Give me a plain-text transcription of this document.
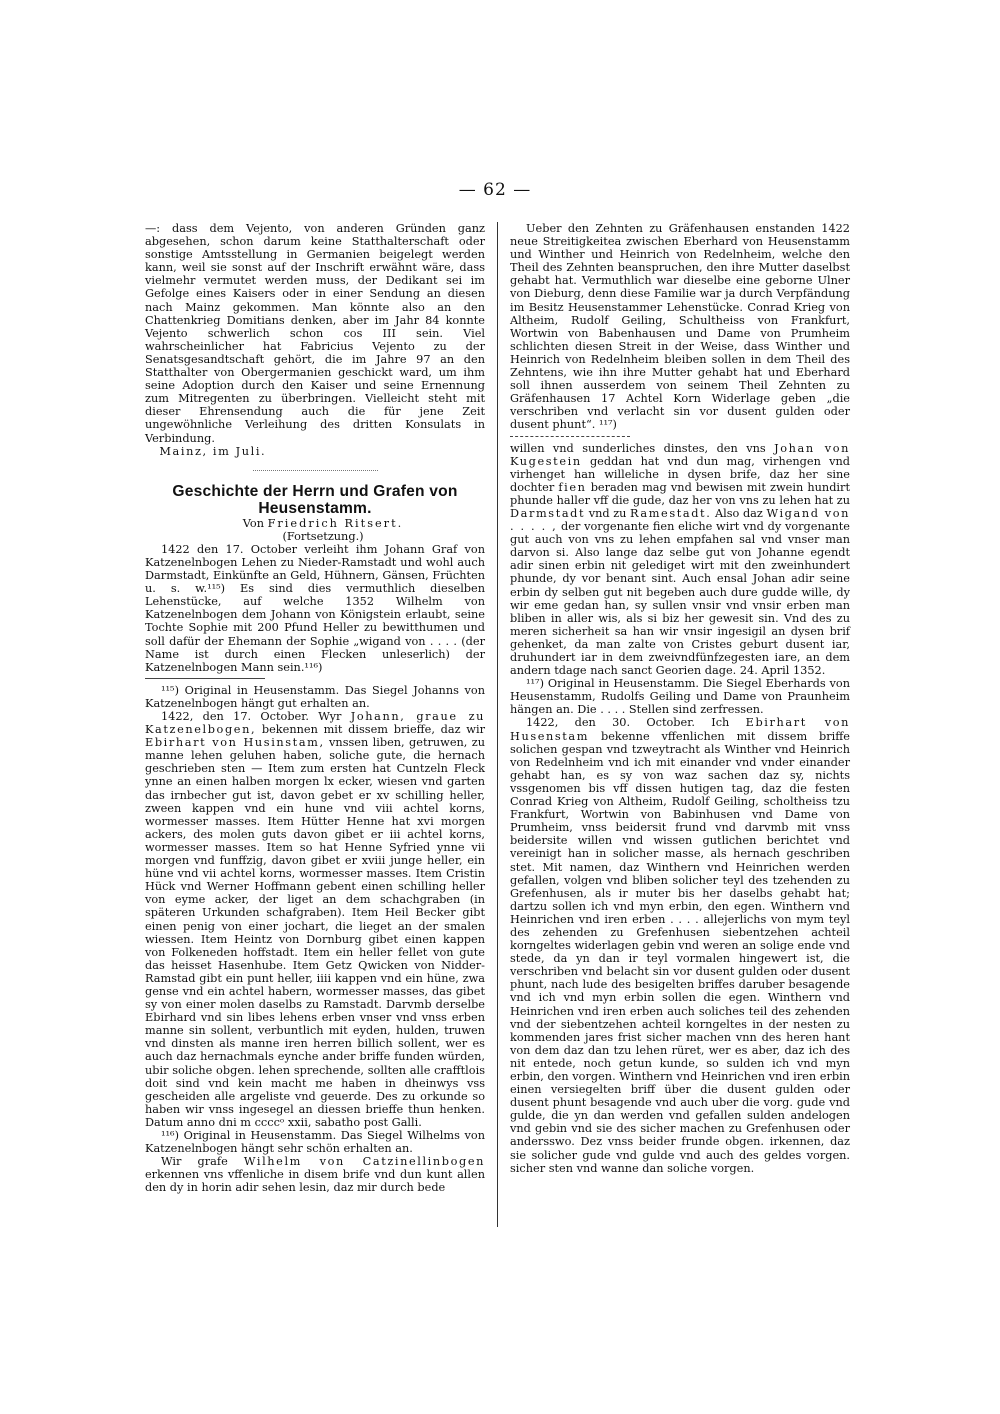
— 62 —

—: dass dem Vejento, von anderen Gründen ganz abgesehen, schon darum keine Statthalterschaft oder sonstige Amtsstellung in Germanien beigelegt werden kann, weil sie sonst auf der Inschrift erwähnt wäre, dass vielmehr vermutet werden muss, der Dedikant sei im Gefolge eines Kaisers oder in einer Sendung an diesen nach Mainz gekommen. Man könnte also an den Chattenkrieg Domitians denken, aber im Jahr 84 konnte Vejento schwerlich schon cos III sein. Viel wahrscheinlicher hat Fabricius Vejento zu der Senatsgesandtschaft gehört, die im Jahre 97 an den Statthalter von Obergermanien geschickt ward, um ihm seine Adoption durch den Kaiser und seine Ernennung zum Mitregenten zu überbringen. Vielleicht steht mit dieser Ehrensendung auch die für jene Zeit ungewöhnliche Verleihung des dritten Konsulats in Verbindung.

Mainz, im Juli.

Geschichte der Herrn und Grafen von Heusenstamm.

Von Friedrich Ritsert.

(Fortsetzung.)

1422 den 17. October verleiht ihm Johann Graf von Katzenelnbogen Lehen zu Nieder-Ramstadt und wohl auch Darmstadt, Einkünfte an Geld, Hühnern, Gänsen, Früchten u. s. w.¹¹⁵) Es sind dies vermuthlich dieselben Lehenstücke, auf welche 1352 Wilhelm von Katzenelnbogen dem Johann von Königstein erlaubt, seine Tochte Sophie mit 200 Pfund Heller zu bewitthumen und soll dafür der Ehemann der Sophie „wigand von . . . . (der Name ist durch einen Flecken unleserlich) der Katzenelnbogen Mann sein.¹¹⁶)

¹¹⁵) Original in Heusenstamm. Das Siegel Johanns von Katzenelnbogen hängt gut erhalten an.

1422, den 17. October. Wyr Johann, graue zu Katzenelbogen, bekennen mit dissem brieffe, daz wir Ebirhart von Husinstam, vnssen liben, getruwen, zu manne lehen geluhen haben, soliche gute, die hernach geschrieben sten — Item zum ersten hat Cuntzeln Fleck ynne an einen halben morgen lx ecker, wiesen vnd garten das irnbecher gut ist, davon gebet er xv schilling heller, zween kappen vnd ein hune vnd viii achtel korns, wormesser masses. Item Hütter Henne hat xvi morgen ackers, des molen guts davon gibet er iii achtel korns, wormesser masses. Item so hat Henne Syfried ynne vii morgen vnd funffzig, davon gibet er xviii junge heller, ein hüne vnd vii achtel korns, wormesser masses. Item Cristin Hück vnd Werner Hoffmann gebent einen schilling heller von eyme acker, der liget an dem schachgraben (in späteren Urkunden schafgraben). Item Heil Becker gibt einen penig von einer jochart, die lieget an der smalen wiessen. Item Heintz von Dornburg gibet einen kappen von Folkeneden hoffstadt. Item ein heller fellet von gute das heisset Hasenhube. Item Getz Qwicken von Nidder-Ramstad gibt ein punt heller, iiii kappen vnd ein hüne, zwa gense vnd ein achtel habern, wormesser masses, das gibet sy von einer molen daselbs zu Ramstadt. Darvmb derselbe Ebirhard vnd sin libes lehens erben vnser vnd vnss erben manne sin sollent, verbuntlich mit eyden, hulden, truwen vnd dinsten als manne iren herren billich sollent, wer es auch daz hernachmals eynche ander briffe funden würden, ubir soliche obgen. lehen sprechende, sollten alle crafftlois doit sind vnd kein macht me haben in dheinwys vss gescheiden alle argeliste vnd geuerde. Des zu orkunde so haben wir vnss ingesegel an diessen brieffe thun henken. Datum anno dni m ccccᵒ xxii, sabatho post Galli.

¹¹⁶) Original in Heusenstamm. Das Siegel Wilhelms von Katzenelnbogen hängt sehr schön erhalten an.

Wir grafe Wilhelm von Catzinellinbogen erkennen vns vffenliche in disem brife vnd dun kunt allen den dy in horin adir sehen lesin, daz mir durch bede

Ueber den Zehnten zu Gräfenhausen enstanden 1422 neue Streitigkeitea zwischen Eberhard von Heusenstamm und Winther und Heinrich von Redelnheim, welche den Theil des Zehnten beanspruchen, den ihre Mutter daselbst gehabt hat. Vermuthlich war dieselbe eine geborne Ulner von Dieburg, denn diese Familie war ja durch Verpfändung im Besitz Heusenstammer Lehenstücke. Conrad Krieg von Altheim, Rudolf Geiling, Schultheiss von Frankfurt, Wortwin von Babenhausen und Dame von Prumheim schlichten diesen Streit in der Weise, dass Winther und Heinrich von Redelnheim bleiben sollen in dem Theil des Zehntens, wie ihn ihre Mutter gehabt hat und Eberhard soll ihnen ausserdem von seinem Theil Zehnten zu Gräfenhausen 17 Achtel Korn Widerlage geben „die verschriben vnd verlacht sin vor dusent gulden oder dusent phunt“. ¹¹⁷)

willen vnd sunderliches dinstes, den vns Johan von Kugestein geddan hat vnd dun mag, virhengen vnd virhenget han willeliche in dysen brife, daz her sine dochter fien beraden mag vnd bewisen mit zwein hundirt phunde haller vff die gude, daz her von vns zu lehen hat zu Darmstadt vnd zu Ramestadt. Also daz Wigand von . . . . , der vorgenante fien eliche wirt vnd dy vorgenante gut auch von vns zu lehen empfahen sal vnd vnser man darvon si. Also lange daz selbe gut von Johanne egendt adir sinen erbin nit gelediget wirt mit den zweinhundert phunde, dy vor benant sint. Auch ensal Johan adir seine erbin dy selben gut nit begeben auch dure gudde wille, dy wir eme gedan han, sy sullen vnsir vnd vnsir erben man bliben in aller wis, als si biz her gewesit sin. Vnd des zu meren sicherheit sa han wir vnsir ingesigil an dysen brif gehenket, da man zalte von Cristes geburt dusent iar, druhundert iar in dem zweivndfünfzegesten iare, an dem andern tdage nach sanct Georien dage. 24. April 1352.

¹¹⁷) Original in Heusenstamm. Die Siegel Eberhards von Heusenstamm, Rudolfs Geiling und Dame von Praunheim hängen an. Die . . . . Stellen sind zerfressen.

1422, den 30. October. Ich Ebirhart von Husenstam bekenne vffenlichen mit dissem briffe solichen gespan vnd tzweytracht als Winther vnd Heinrich von Redelnheim vnd ich mit einander vnd vnder einander gehabt han, es sy von waz sachen daz sy, nichts vssgenomen bis vff dissen hutigen tag, daz die festen Conrad Krieg von Altheim, Rudolf Geiling, scholtheiss tzu Frankfurt, Wortwin von Babinhusen vnd Dame von Prumheim, vnss beidersit frund vnd darvmb mit vnss beidersite willen vnd wissen gutlichen berichtet vnd vereinigt han in solicher masse, als hernach geschriben stet. Mit namen, daz Winthern vnd Heinrichen werden gefallen, volgen vnd bliben solicher teyl des tzehenden zu Grefenhusen, als ir muter bis her daselbs gehabt hat; dartzu sollen ich vnd myn erbin, den egen. Winthern vnd Heinrichen vnd iren erben . . . . allejerlichs von mym teyl des zehenden zu Grefenhusen siebentzehen achteil korngeltes widerlagen gebin vnd weren an solige ende vnd stede, da yn dan ir teyl vormalen hingewert ist, die verschriben vnd belacht sin vor dusent gulden oder dusent phunt, nach lude des besigelten briffes daruber besagende vnd ich vnd myn erbin sollen die egen. Winthern vnd Heinrichen vnd iren erben auch soliches teil des zehenden vnd der siebentzehen achteil korngeltes in der nesten zu kommenden jares frist sicher machen vnn des heren hant von dem daz dan tzu lehen rüret, wer es aber, daz ich des nit entede, noch getun kunde, so sulden ich vnd myn erbin, den vorgen. Winthern vnd Heinrichen vnd iren erbin einen versiegelten briff über die dusent gulden oder dusent phunt besagende vnd auch uber die vorg. gude vnd gulde, die yn dan werden vnd gefallen sulden andelogen vnd gebin vnd sie des sicher machen zu Grefenhusen oder andersswo. Dez vnss beider frunde obgen. irkennen, daz sie solicher gude vnd gulde vnd auch des geldes vorgen. sicher sten vnd wanne dan soliche vorgen.
